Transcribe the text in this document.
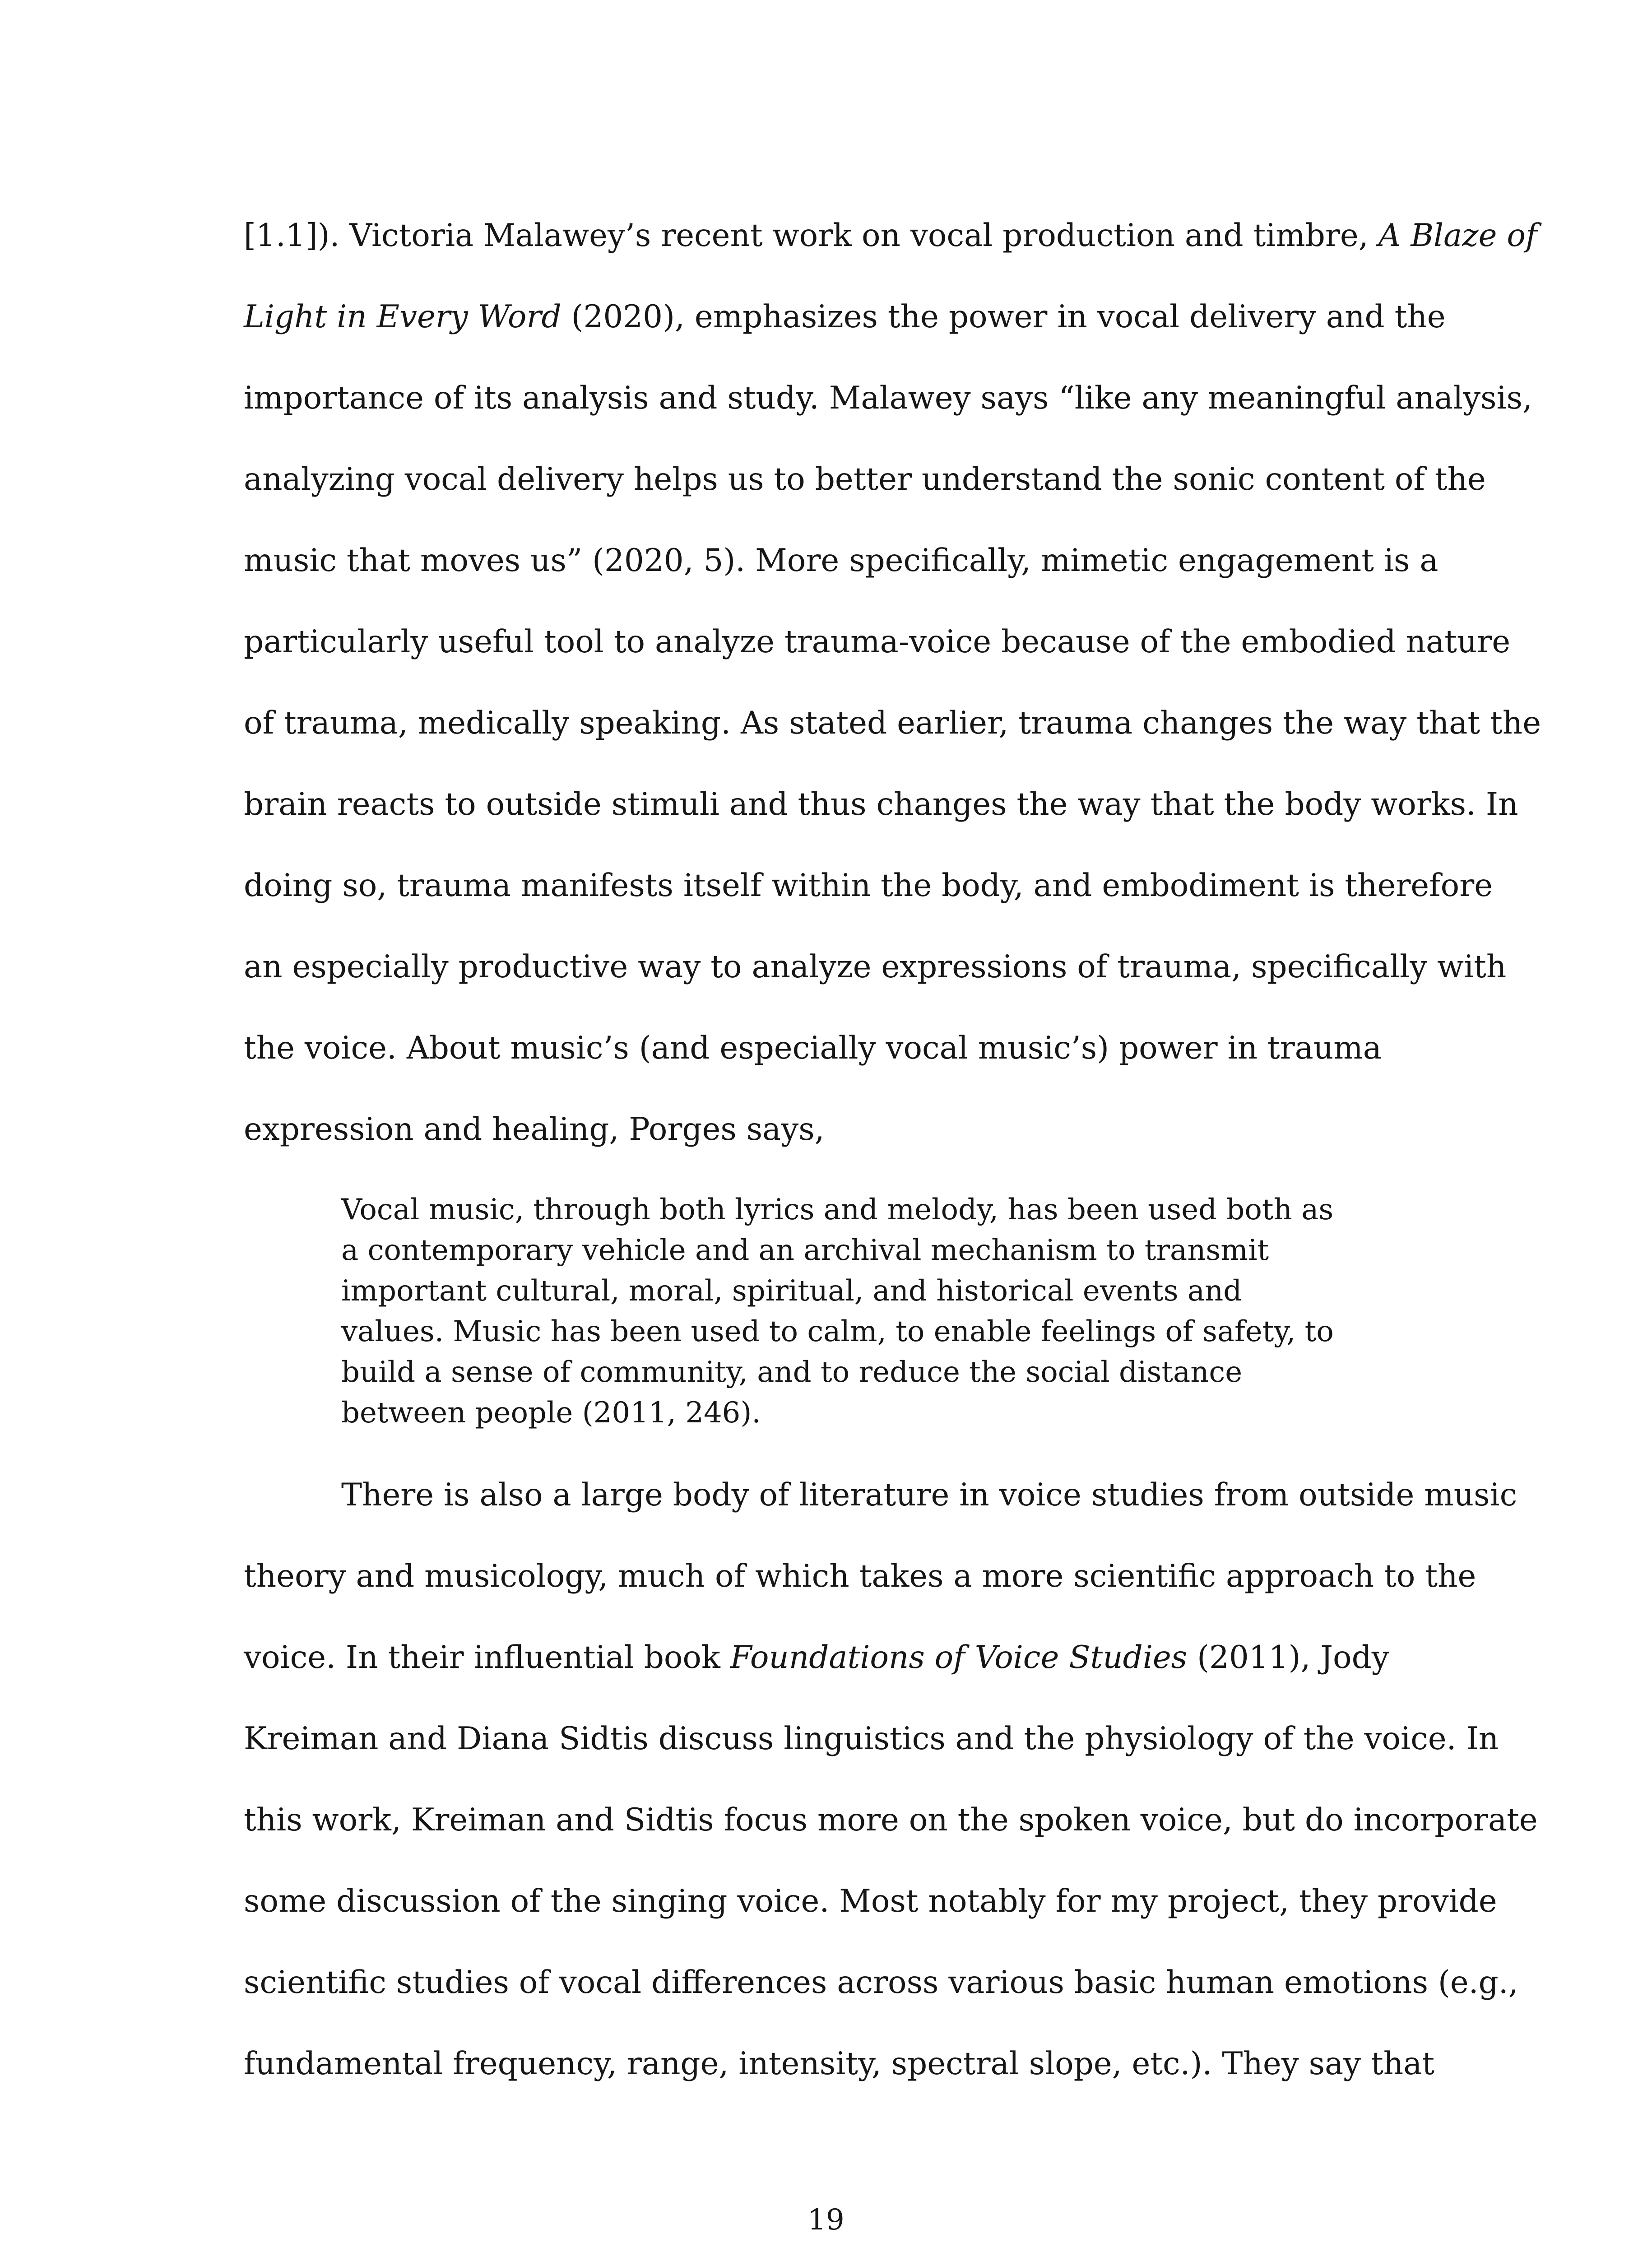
[1.1]). Victoria Malawey’s recent work on vocal production and timbre, A Blaze of
Light in Every Word (2020), emphasizes the power in vocal delivery and the
importance of its analysis and study. Malawey says “like any meaningful analysis,
analyzing vocal delivery helps us to better understand the sonic content of the
music that moves us” (2020, 5). More specifically, mimetic engagement is a
particularly useful tool to analyze trauma-voice because of the embodied nature
of trauma, medically speaking. As stated earlier, trauma changes the way that the
brain reacts to outside stimuli and thus changes the way that the body works. In
doing so, trauma manifests itself within the body, and embodiment is therefore
an especially productive way to analyze expressions of trauma, specifically with
the voice. About music’s (and especially vocal music’s) power in trauma
expression and healing, Porges says,
Vocal music, through both lyrics and melody, has been used both as
a contemporary vehicle and an archival mechanism to transmit
important cultural, moral, spiritual, and historical events and
values. Music has been used to calm, to enable feelings of safety, to
build a sense of community, and to reduce the social distance
between people (2011, 246).
There is also a large body of literature in voice studies from outside music
theory and musicology, much of which takes a more scientific approach to the
voice. In their influential book Foundations of Voice Studies (2011), Jody
Kreiman and Diana Sidtis discuss linguistics and the physiology of the voice. In
this work, Kreiman and Sidtis focus more on the spoken voice, but do incorporate
some discussion of the singing voice. Most notably for my project, they provide
scientific studies of vocal differences across various basic human emotions (e.g.,
fundamental frequency, range, intensity, spectral slope, etc.). They say that
19
